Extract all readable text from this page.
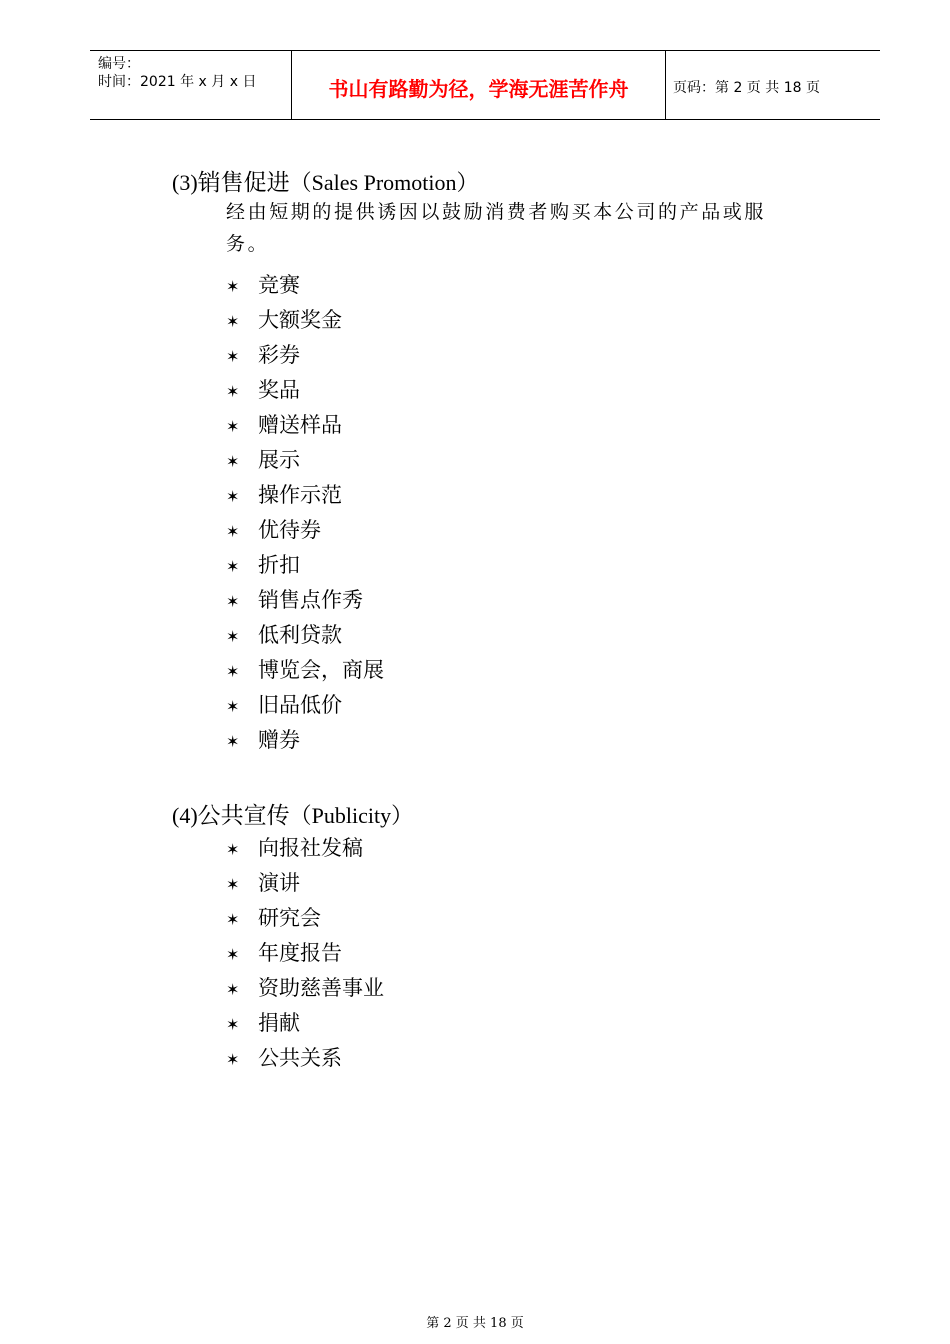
编号：
时间：2021 年 x 月 x 日	书山有路勤为径，学海无涯苦作舟	页码：第 2 页 共 18 页
(3)销售促进（Sales Promotion）
经由短期的提供诱因以鼓励消费者购买本公司的产品或服务。
✶ 竞赛
✶ 大额奖金
✶ 彩券
✶ 奖品
✶ 赠送样品
✶ 展示
✶ 操作示范
✶ 优待券
✶ 折扣
✶ 销售点作秀
✶ 低利贷款
✶ 博览会，商展
✶ 旧品低价
✶ 赠券
(4)公共宣传（Publicity）
✶ 向报社发稿
✶ 演讲
✶ 研究会
✶ 年度报告
✶ 资助慈善事业
✶ 捐献
✶ 公共关系
第 2 页 共 18 页
